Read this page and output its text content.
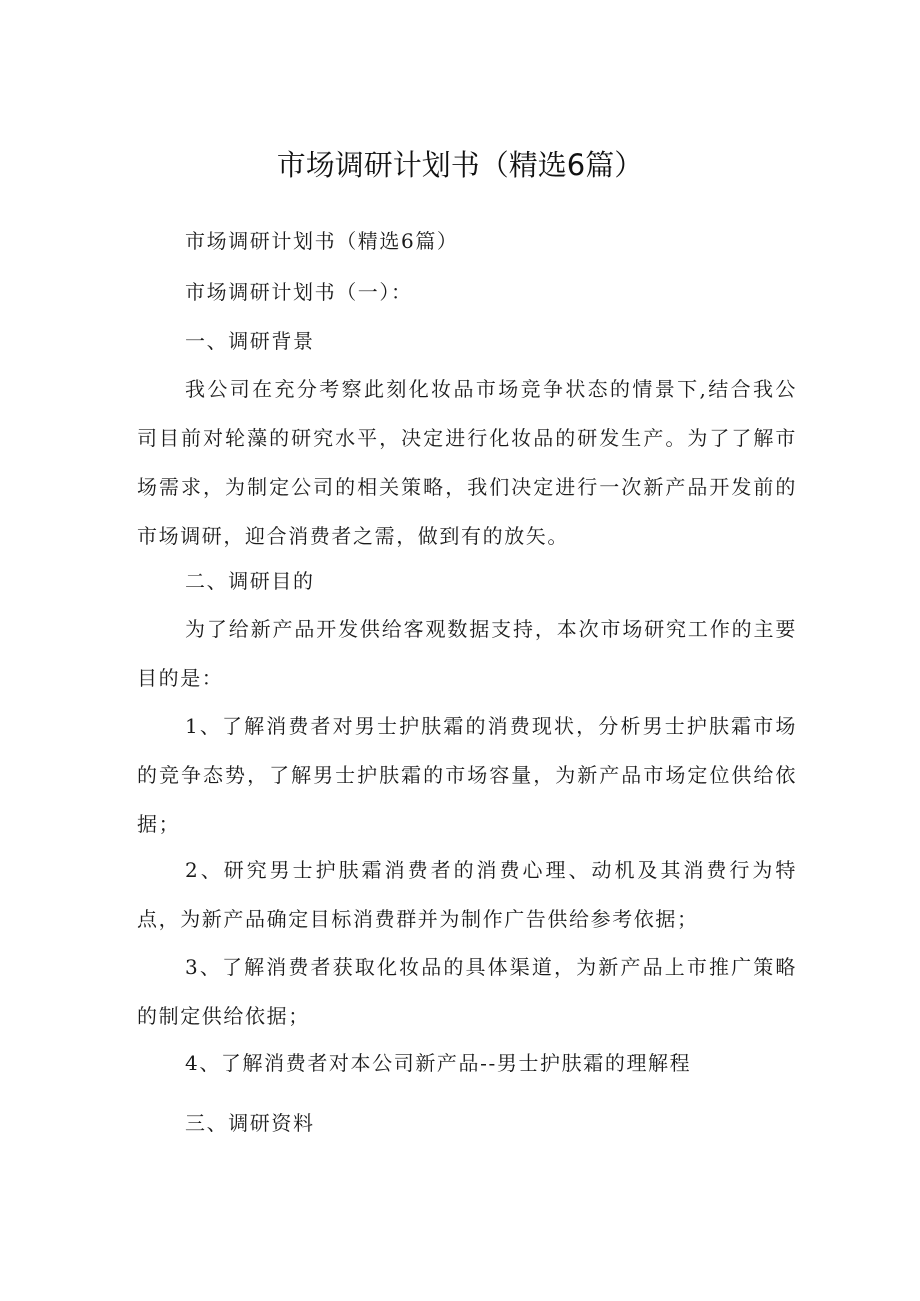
市场调研计划书（精选6篇）
市场调研计划书（精选6篇）
市场调研计划书（一）：
一、调研背景
我公司在充分考察此刻化妆品市场竞争状态的情景下,结合我公司目前对轮藻的研究水平，决定进行化妆品的研发生产。为了了解市场需求，为制定公司的相关策略，我们决定进行一次新产品开发前的市场调研，迎合消费者之需，做到有的放矢。
二、调研目的
为了给新产品开发供给客观数据支持，本次市场研究工作的主要目的是：
1、了解消费者对男士护肤霜的消费现状，分析男士护肤霜市场的竞争态势，了解男士护肤霜的市场容量，为新产品市场定位供给依据；
2、研究男士护肤霜消费者的消费心理、动机及其消费行为特点，为新产品确定目标消费群并为制作广告供给参考依据；
3、了解消费者获取化妆品的具体渠道，为新产品上市推广策略的制定供给依据；
4、了解消费者对本公司新产品--男士护肤霜的理解程
三、调研资料
